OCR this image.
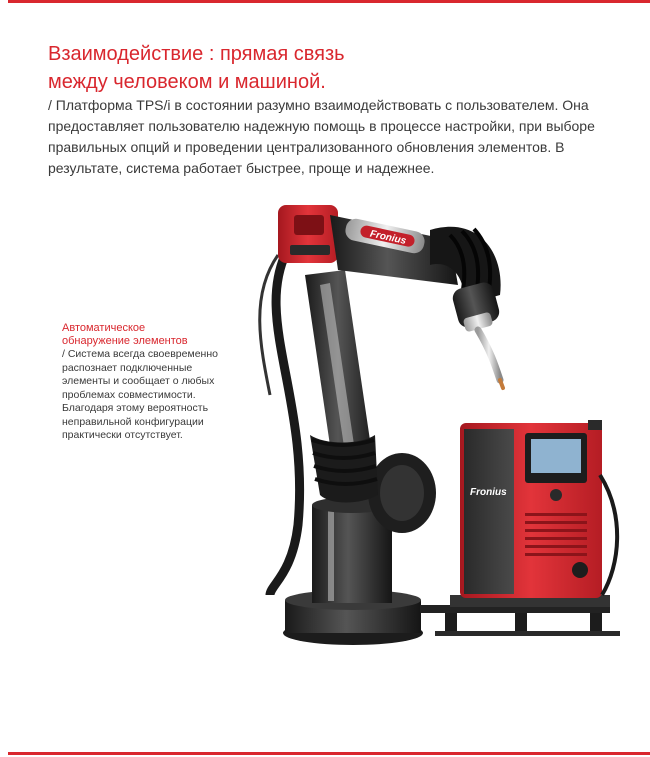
Взаимодействие : прямая связь
между человеком и машиной.

/ Платформа TPS/i в состоянии разумно взаимодействовать с пользователем. Она предоставляет пользователю надежную помощь в процессе настройки, при выборе правильных опций и проведении централизованного обновления элементов. В результате, система работает быстрее, проще и надежнее.

Автоматическое
обнаружение элементов

/ Система всегда своевременно распознает подключенные элементы и сообщает о любых проблемах совместимости. Благодаря этому вероятность неправильной конфигурации практически отсутствует.

Fronius
Fronius
